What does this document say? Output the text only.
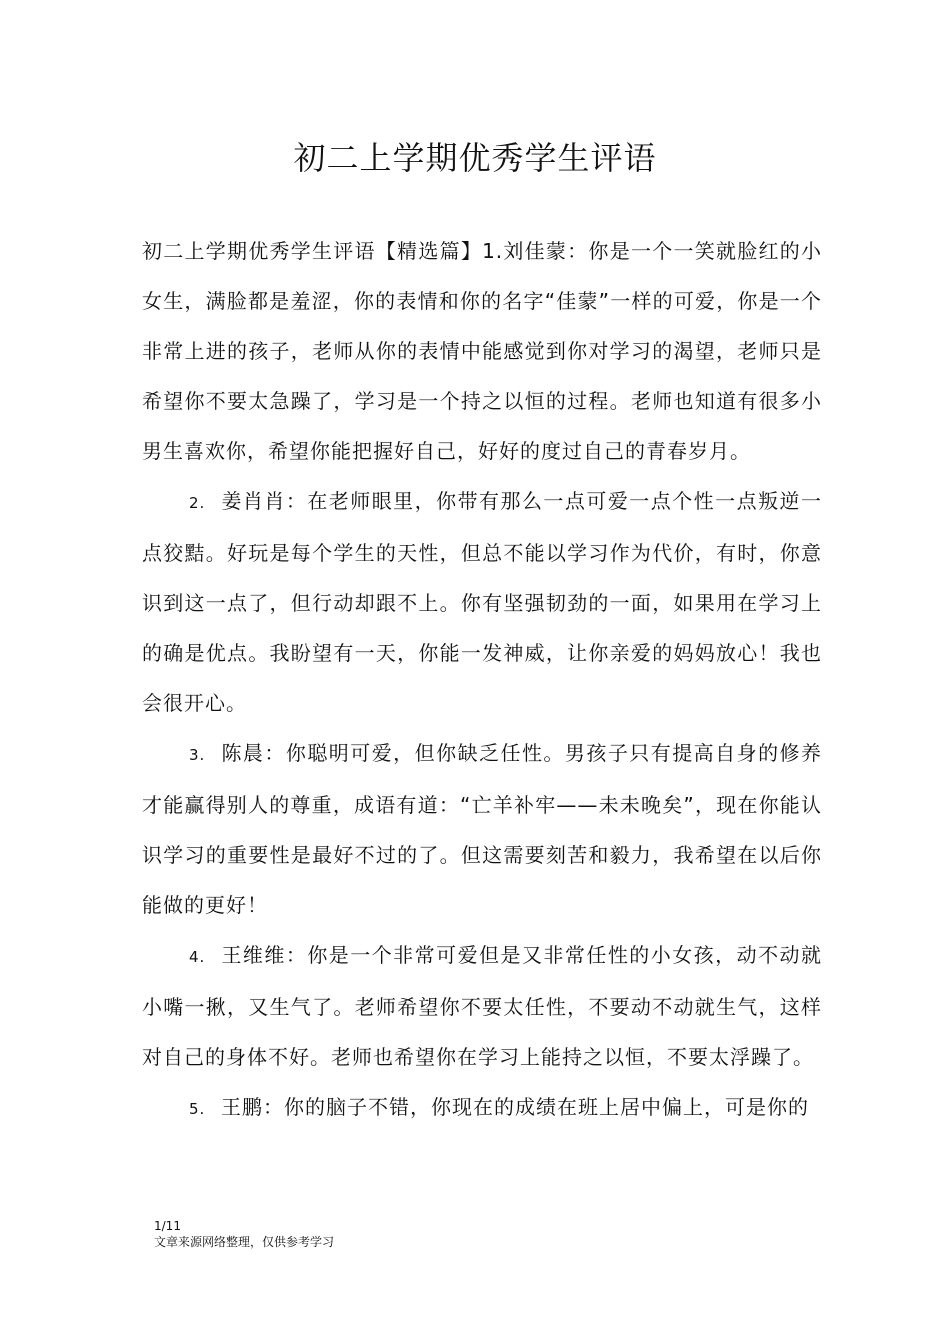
初二上学期优秀学生评语

初二上学期优秀学生评语【精选篇】1.刘佳蒙：你是一个一笑就脸红的小女生，满脸都是羞涩，你的表情和你的名字“佳蒙”一样的可爱，你是一个非常上进的孩子，老师从你的表情中能感觉到你对学习的渴望，老师只是希望你不要太急躁了，学习是一个持之以恒的过程。老师也知道有很多小男生喜欢你，希望你能把握好自己，好好的度过自己的青春岁月。

2. 姜肖肖：在老师眼里，你带有那么一点可爱一点个性一点叛逆一点狡黠。好玩是每个学生的天性，但总不能以学习作为代价，有时，你意识到这一点了，但行动却跟不上。你有坚强韧劲的一面，如果用在学习上的确是优点。我盼望有一天，你能一发神威，让你亲爱的妈妈放心！我也会很开心。

3. 陈晨：你聪明可爱，但你缺乏任性。男孩子只有提高自身的修养才能赢得别人的尊重，成语有道：“亡羊补牢——未未晚矣”，现在你能认识学习的重要性是最好不过的了。但这需要刻苦和毅力，我希望在以后你能做的更好！

4. 王维维：你是一个非常可爱但是又非常任性的小女孩，动不动就小嘴一揪，又生气了。老师希望你不要太任性，不要动不动就生气，这样对自己的身体不好。老师也希望你在学习上能持之以恒，不要太浮躁了。

5. 王鹏：你的脑子不错，你现在的成绩在班上居中偏上，可是你的

1/11
文章来源网络整理，仅供参考学习
